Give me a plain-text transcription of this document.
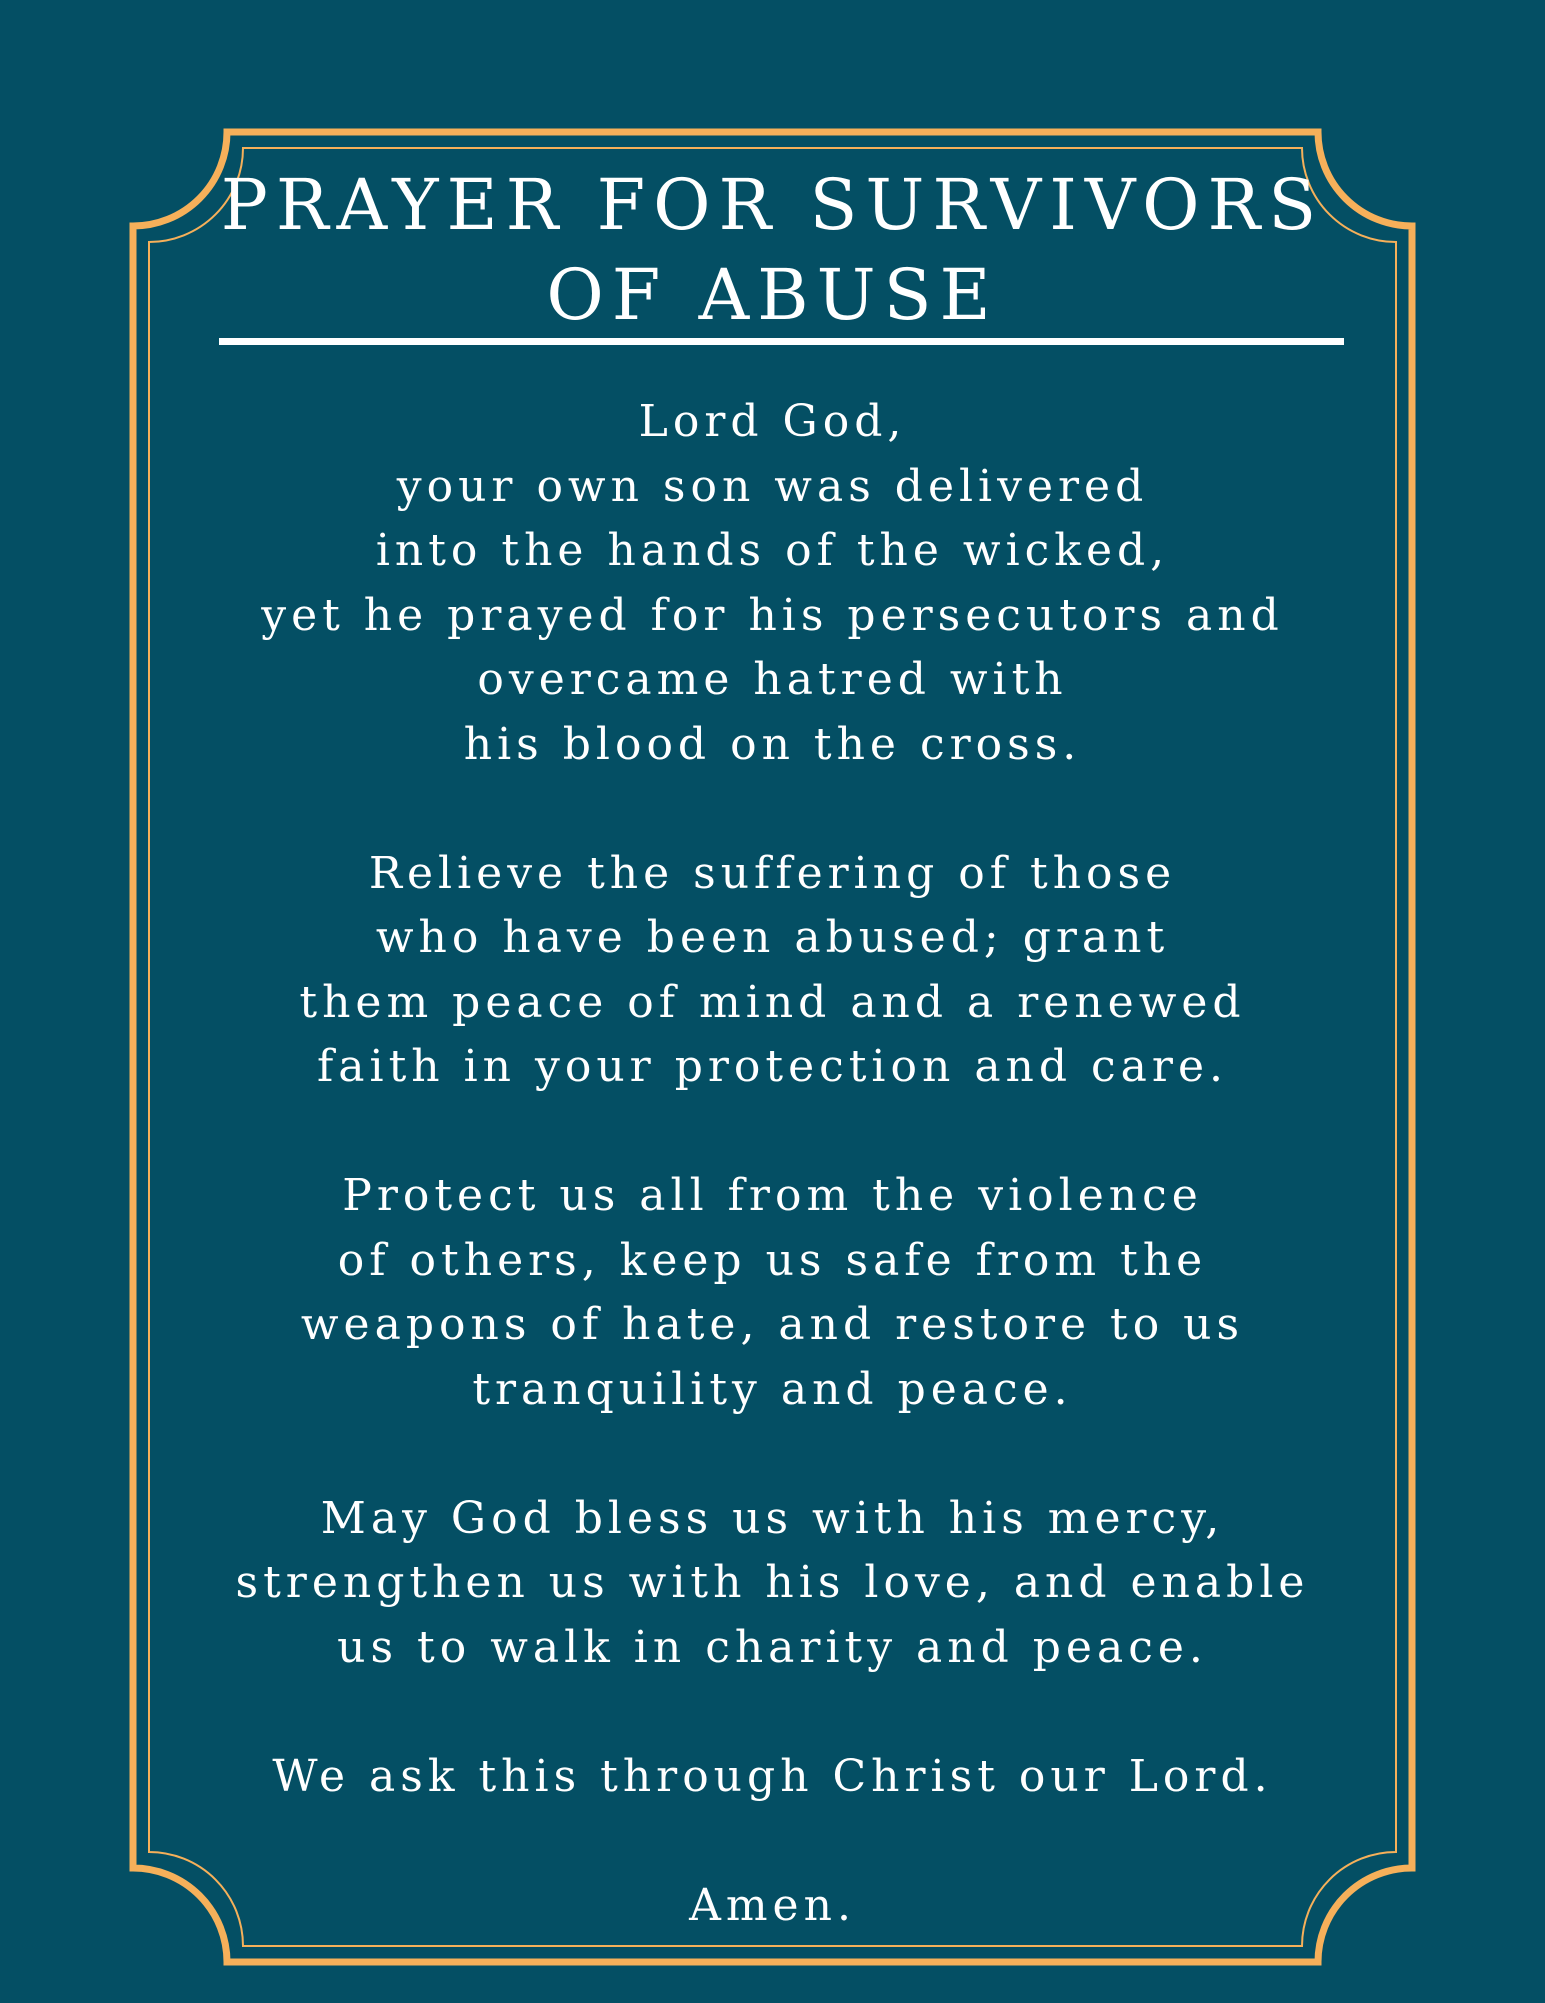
PRAYER FOR SURVIVORS
OF ABUSE

Lord God,
your own son was delivered
into the hands of the wicked,
yet he prayed for his persecutors and
overcame hatred with
his blood on the cross.

Relieve the suffering of those
who have been abused; grant
them peace of mind and a renewed
faith in your protection and care.

Protect us all from the violence
of others, keep us safe from the
weapons of hate, and restore to us
tranquility and peace.

May God bless us with his mercy,
strengthen us with his love, and enable
us to walk in charity and peace.

We ask this through Christ our Lord.

Amen.
